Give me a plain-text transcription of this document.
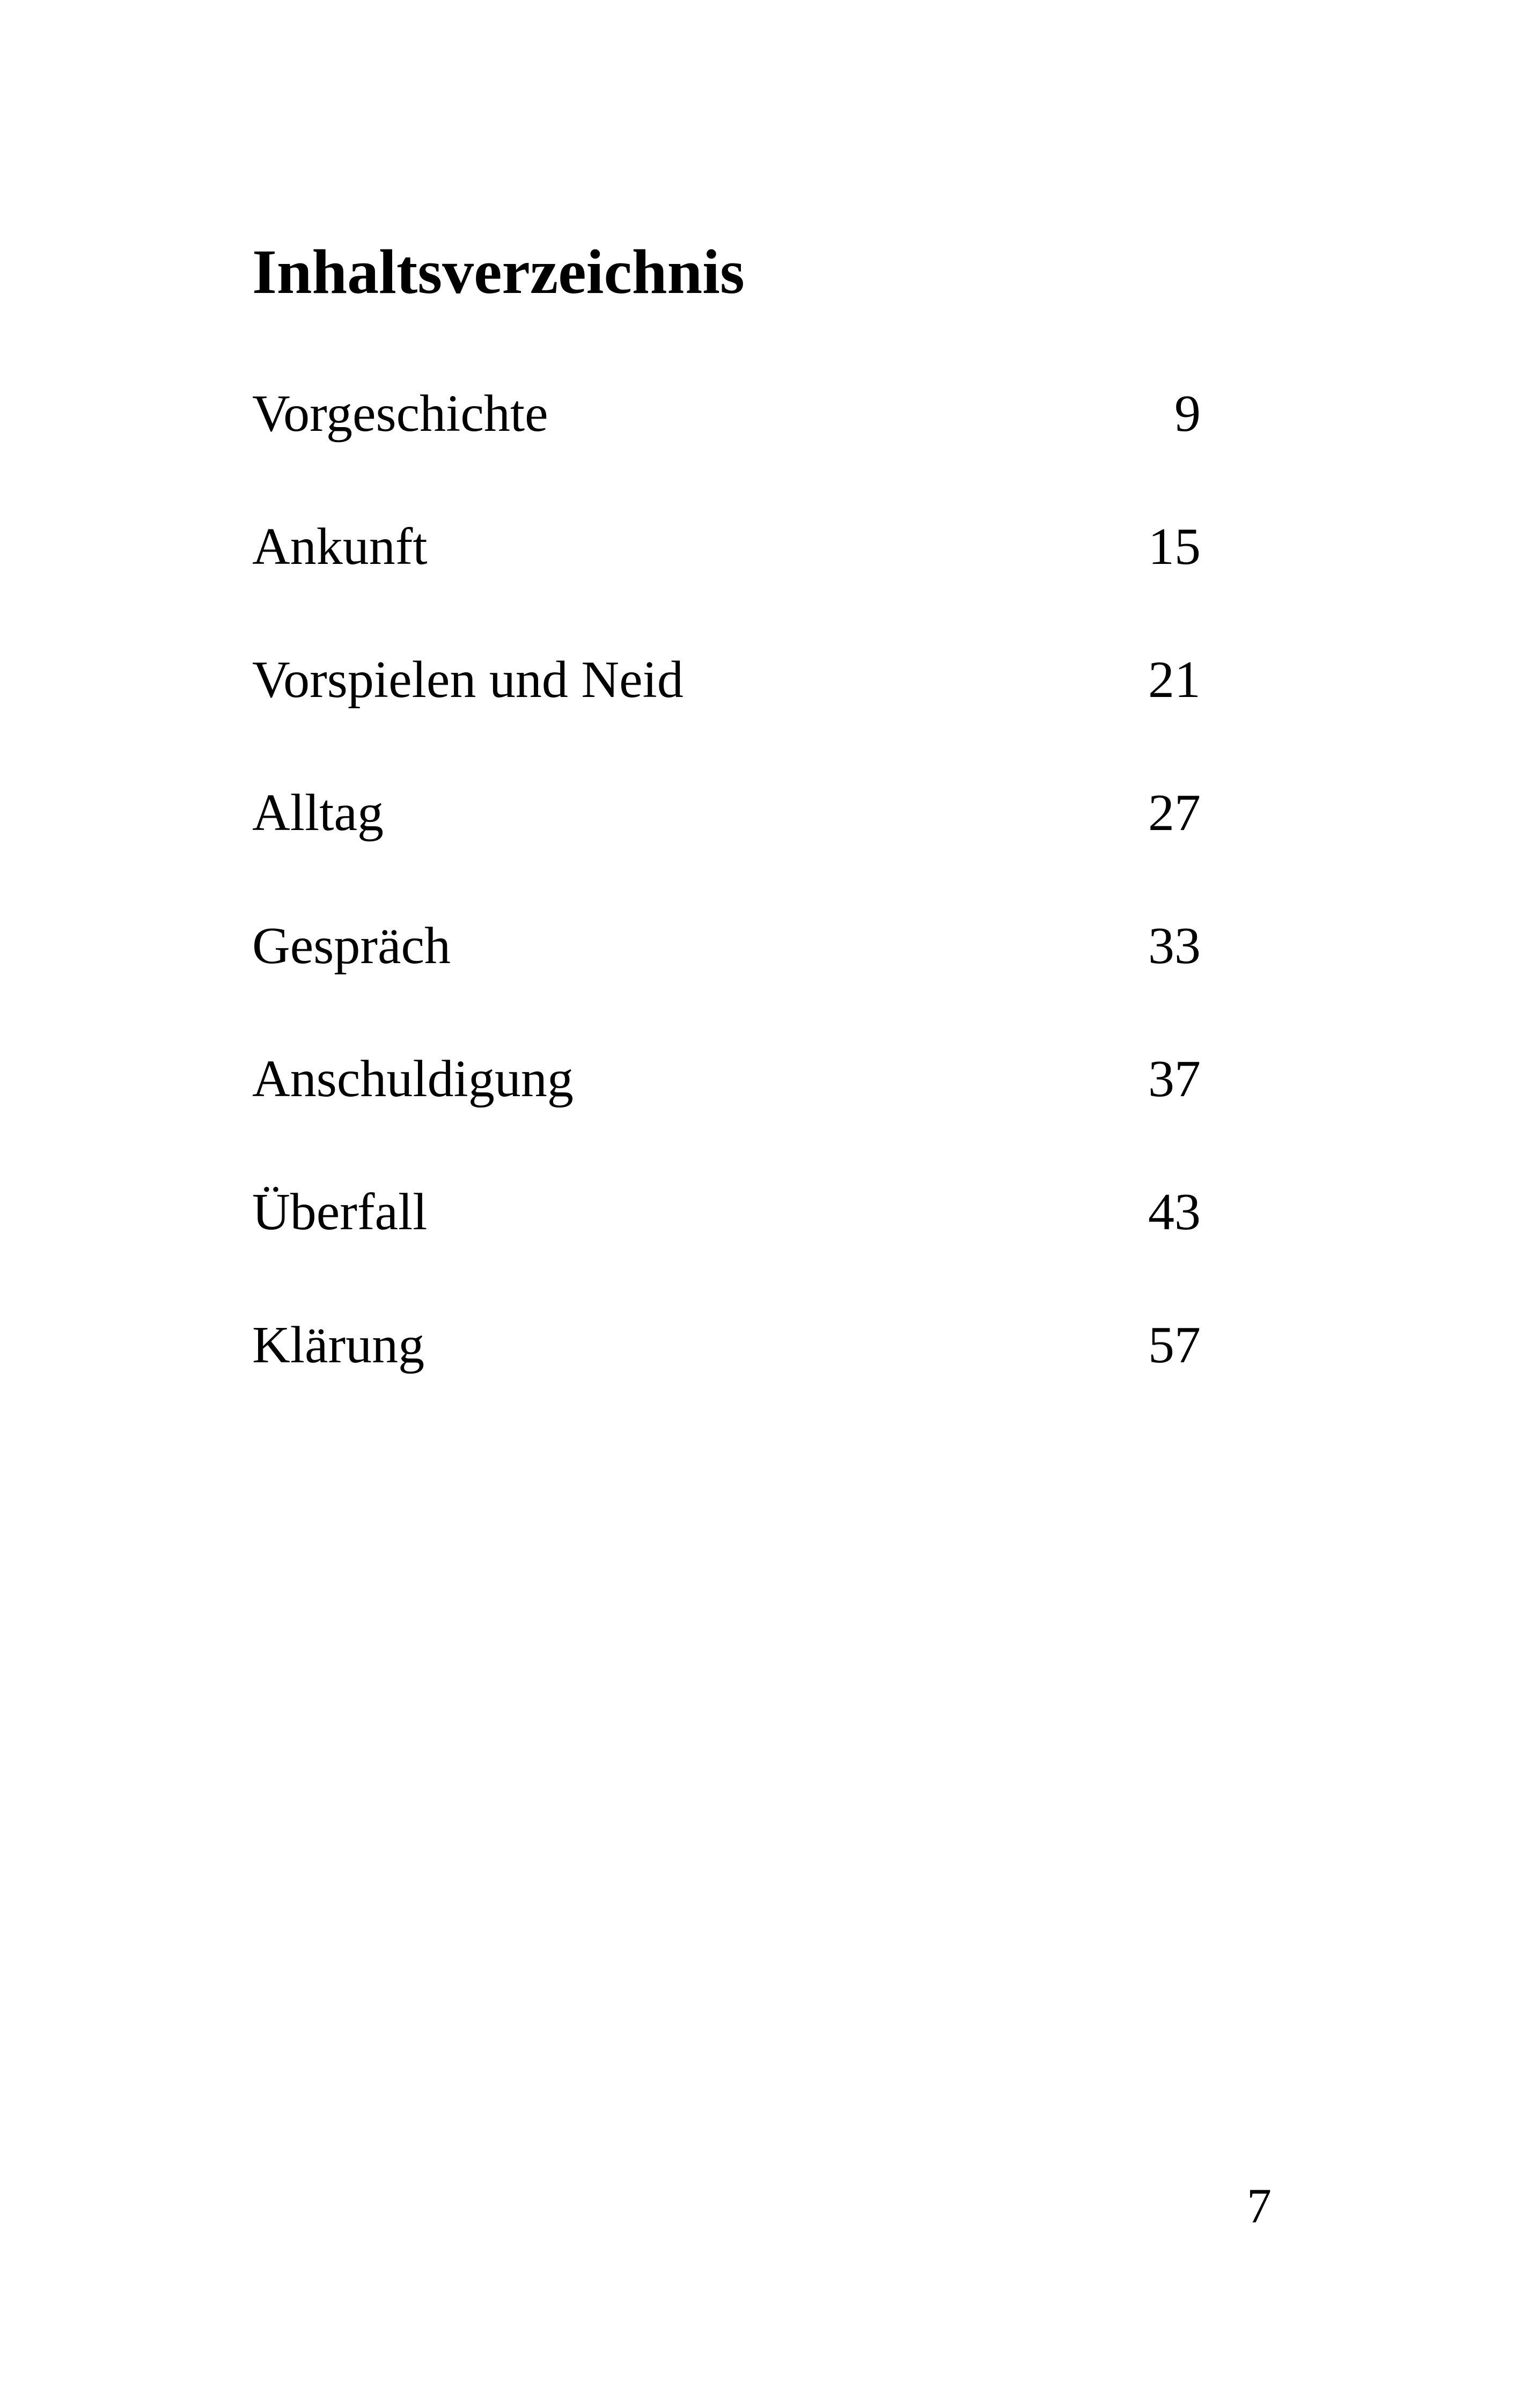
Inhaltsverzeichnis
Vorgeschichte	9
Ankunft	15
Vorspielen und Neid	21
Alltag	27
Gespräch	33
Anschuldigung	37
Überfall	43
Klärung	57
7
